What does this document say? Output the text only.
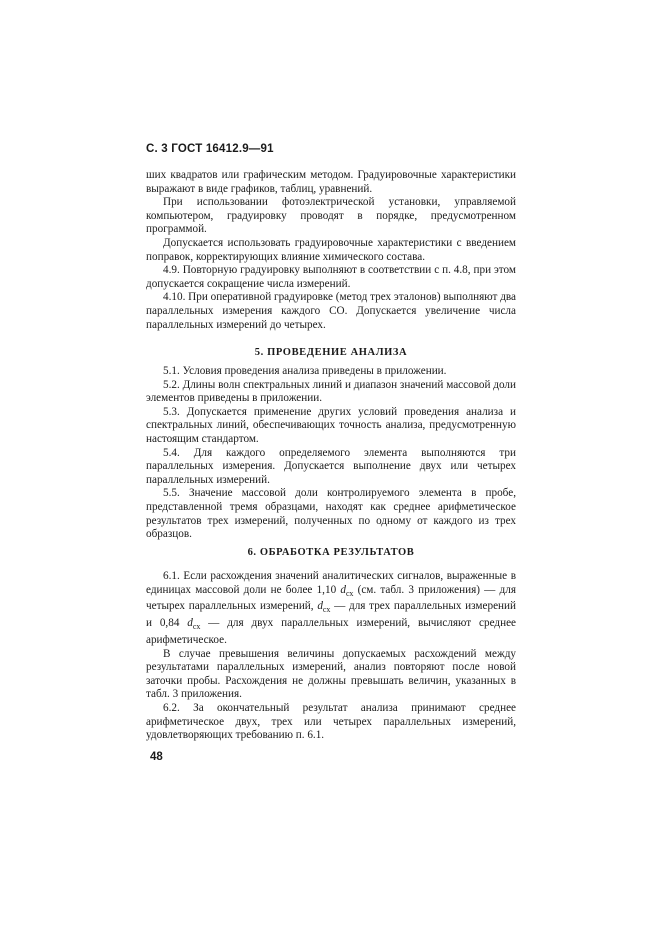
С. 3 ГОСТ 16412.9—91

ших квадратов или графическим методом. Градуировочные характеристики выражают в виде графиков, таблиц, уравнений.

При использовании фотоэлектрической установки, управляемой компьютером, градуировку проводят в порядке, предусмотренном программой.

Допускается использовать градуировочные характеристики с введением поправок, корректирующих влияние химического состава.

4.9. Повторную градуировку выполняют в соответствии с п. 4.8, при этом допускается сокращение числа измерений.

4.10. При оперативной градуировке (метод трех эталонов) выполняют два параллельных измерения каждого СО. Допускается увеличение числа параллельных измерений до четырех.

5. ПРОВЕДЕНИЕ АНАЛИЗА

5.1. Условия проведения анализа приведены в приложении.

5.2. Длины волн спектральных линий и диапазон значений массовой доли элементов приведены в приложении.

5.3. Допускается применение других условий проведения анализа и спектральных линий, обеспечивающих точность анализа, предусмотренную настоящим стандартом.

5.4. Для каждого определяемого элемента выполняются три параллельных измерения. Допускается выполнение двух или четырех параллельных измерений.

5.5. Значение массовой доли контролируемого элемента в пробе, представленной тремя образцами, находят как среднее арифметическое результатов трех измерений, полученных по одному от каждого из трех образцов.

6. ОБРАБОТКА РЕЗУЛЬТАТОВ

6.1. Если расхождения значений аналитических сигналов, выраженные в единицах массовой доли не более 1,10 $d_{сх}$ (см. табл. 3 приложения) — для четырех параллельных измерений, $d_{сх}$ — для трех параллельных измерений и 0,84 $d_{сх}$ — для двух параллельных измерений, вычисляют среднее арифметическое.

В случае превышения величины допускаемых расхождений между результатами параллельных измерений, анализ повторяют после новой заточки пробы. Расхождения не должны превышать величин, указанных в табл. 3 приложения.

6.2. За окончательный результат анализа принимают среднее арифметическое двух, трех или четырех параллельных измерений, удовлетворяющих требованию п. 6.1.

48
